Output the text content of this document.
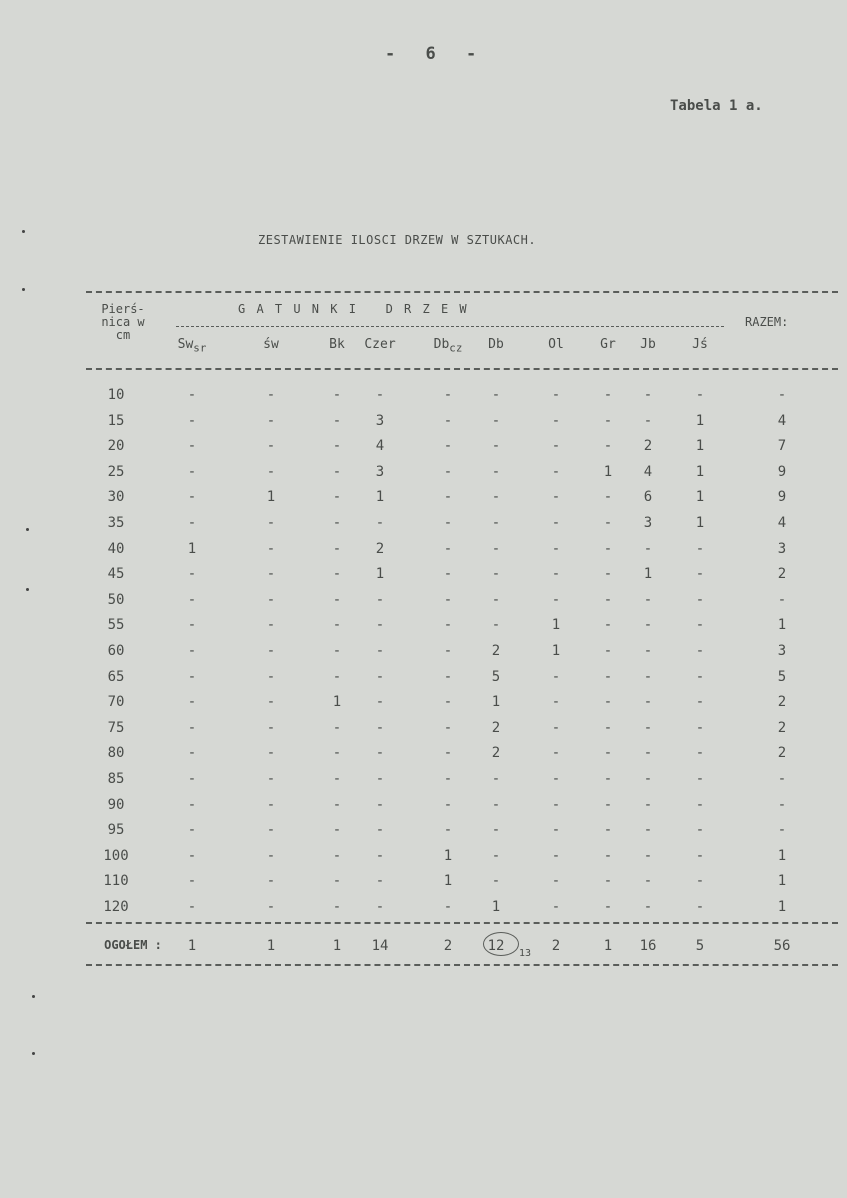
- 6 -
Tabela 1 a.
ZESTAWIENIE ILOSCI DRZEW W SZTUKACH.
Pierś-
nica w
cm
G A T U N K I   D R Z E W
RAZEM:
$Sw_{sr}$	św	Bk	Czer	$Db_{cz}$	Db	Ol	Gr	Jb	Jś
10	-	-	-	-	-	-	-	-	-	-	-
15	-	-	-	3	-	-	-	-	-	1	4
20	-	-	-	4	-	-	-	-	2	1	7
25	-	-	-	3	-	-	-	1	4	1	9
30	-	1	-	1	-	-	-	-	6	1	9
35	-	-	-	-	-	-	-	-	3	1	4
40	1	-	-	2	-	-	-	-	-	-	3
45	-	-	-	1	-	-	-	-	1	-	2
50	-	-	-	-	-	-	-	-	-	-	-
55	-	-	-	-	-	-	1	-	-	-	1
60	-	-	-	-	-	2	1	-	-	-	3
65	-	-	-	-	-	5	-	-	-	-	5
70	-	-	1	-	-	1	-	-	-	-	2
75	-	-	-	-	-	2	-	-	-	-	2
80	-	-	-	-	-	2	-	-	-	-	2
85	-	-	-	-	-	-	-	-	-	-	-
90	-	-	-	-	-	-	-	-	-	-	-
95	-	-	-	-	-	-	-	-	-	-	-
100	-	-	-	-	1	-	-	-	-	-	1
110	-	-	-	-	1	-	-	-	-	-	1
120	-	-	-	-	-	1	-	-	-	-	1
OGOŁEM :	1	1	1	14	2	12	2	1	16	5	56
13
